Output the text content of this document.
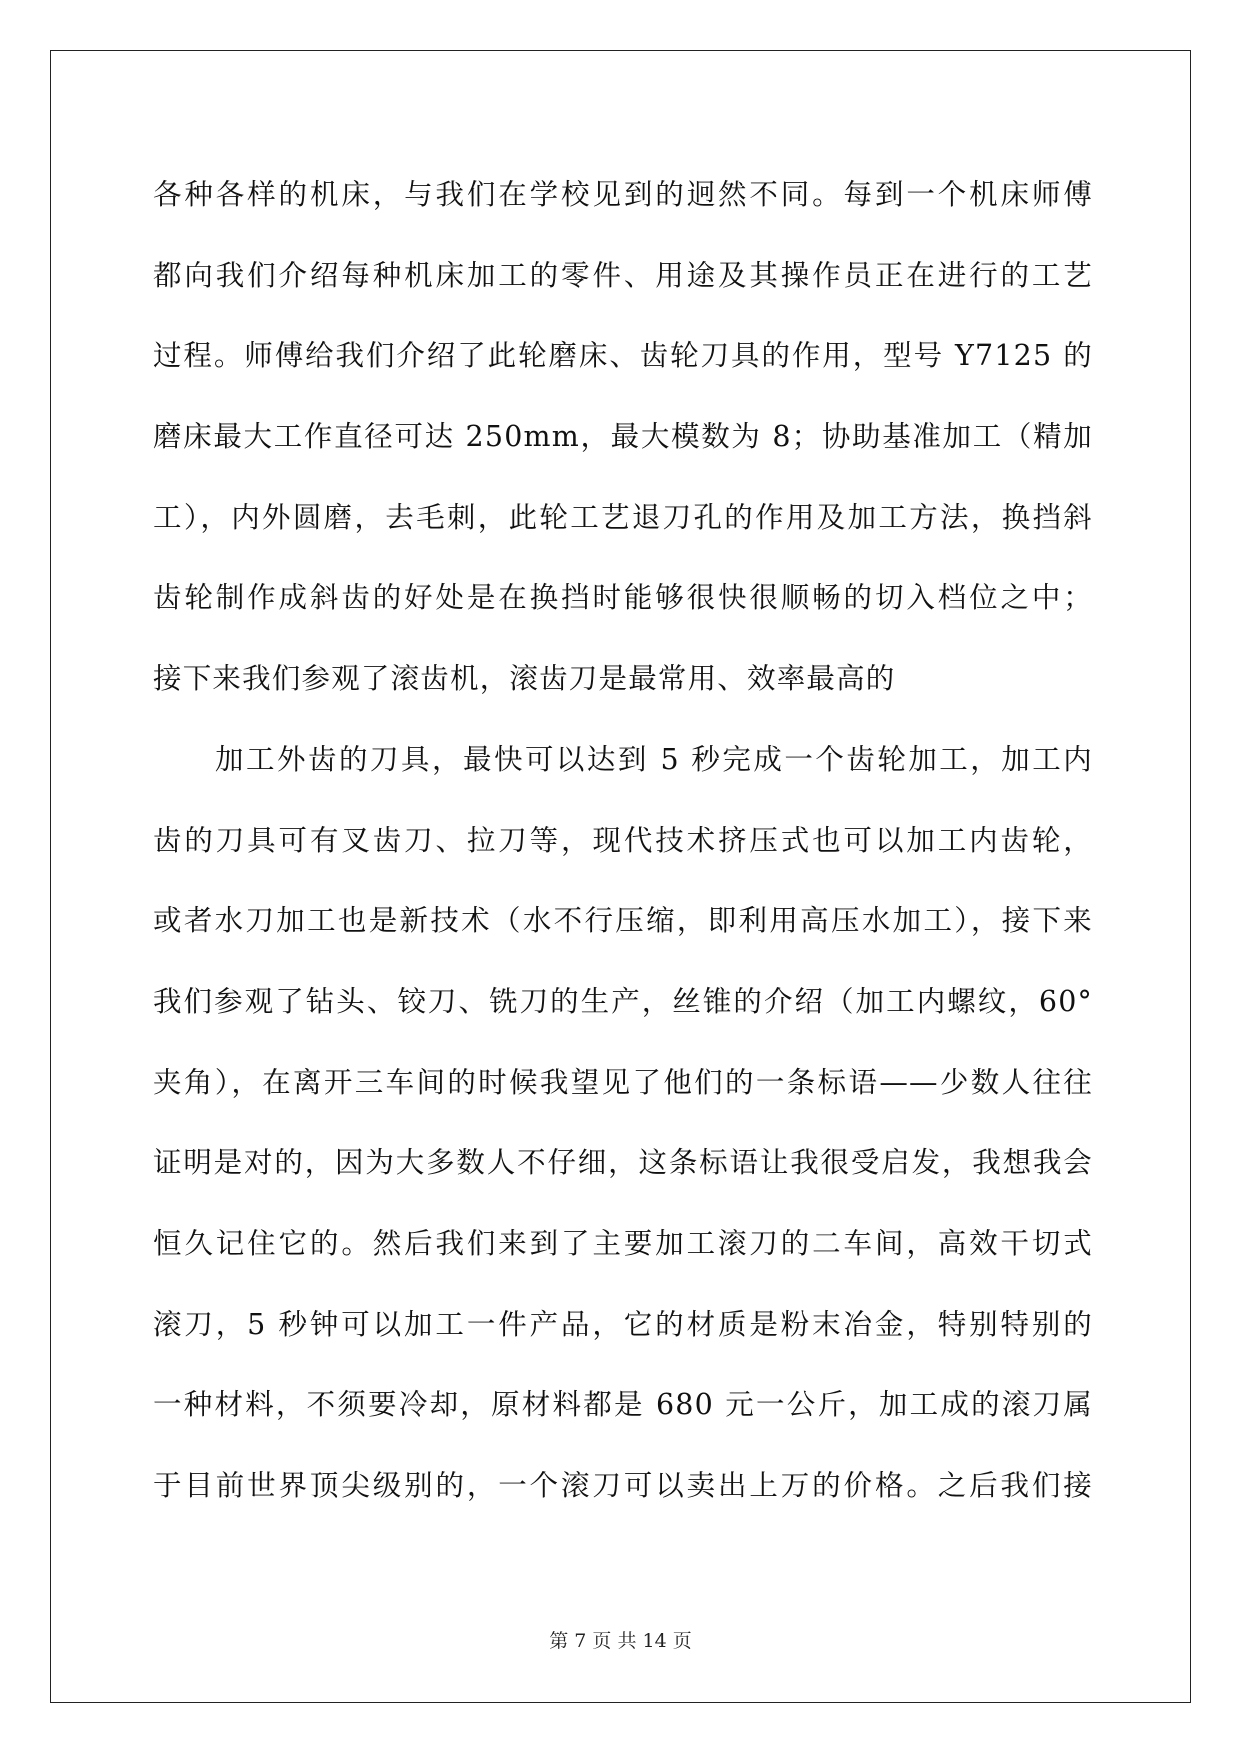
各种各样的机床，与我们在学校见到的迥然不同。每到一个机床师傅
都向我们介绍每种机床加工的零件、用途及其操作员正在进行的工艺
过程。师傅给我们介绍了此轮磨床、齿轮刀具的作用，型号 Y7125 的
磨床最大工作直径可达 250mm，最大模数为 8；协助基准加工（精加
工），内外圆磨，去毛刺，此轮工艺退刀孔的作用及加工方法，换挡斜
齿轮制作成斜齿的好处是在换挡时能够很快很顺畅的切入档位之中；
接下来我们参观了滚齿机，滚齿刀是最常用、效率最高的
加工外齿的刀具，最快可以达到 5 秒完成一个齿轮加工，加工内
齿的刀具可有叉齿刀、拉刀等，现代技术挤压式也可以加工内齿轮，
或者水刀加工也是新技术（水不行压缩，即利用高压水加工），接下来
我们参观了钻头、铰刀、铣刀的生产，丝锥的介绍（加工内螺纹，60°
夹角），在离开三车间的时候我望见了他们的一条标语——少数人往往
证明是对的，因为大多数人不仔细，这条标语让我很受启发，我想我会
恒久记住它的。然后我们来到了主要加工滚刀的二车间，高效干切式
滚刀，5 秒钟可以加工一件产品，它的材质是粉末冶金，特别特别的
一种材料，不须要冷却，原材料都是 680 元一公斤，加工成的滚刀属
于目前世界顶尖级别的，一个滚刀可以卖出上万的价格。之后我们接
第 7 页 共 14 页
